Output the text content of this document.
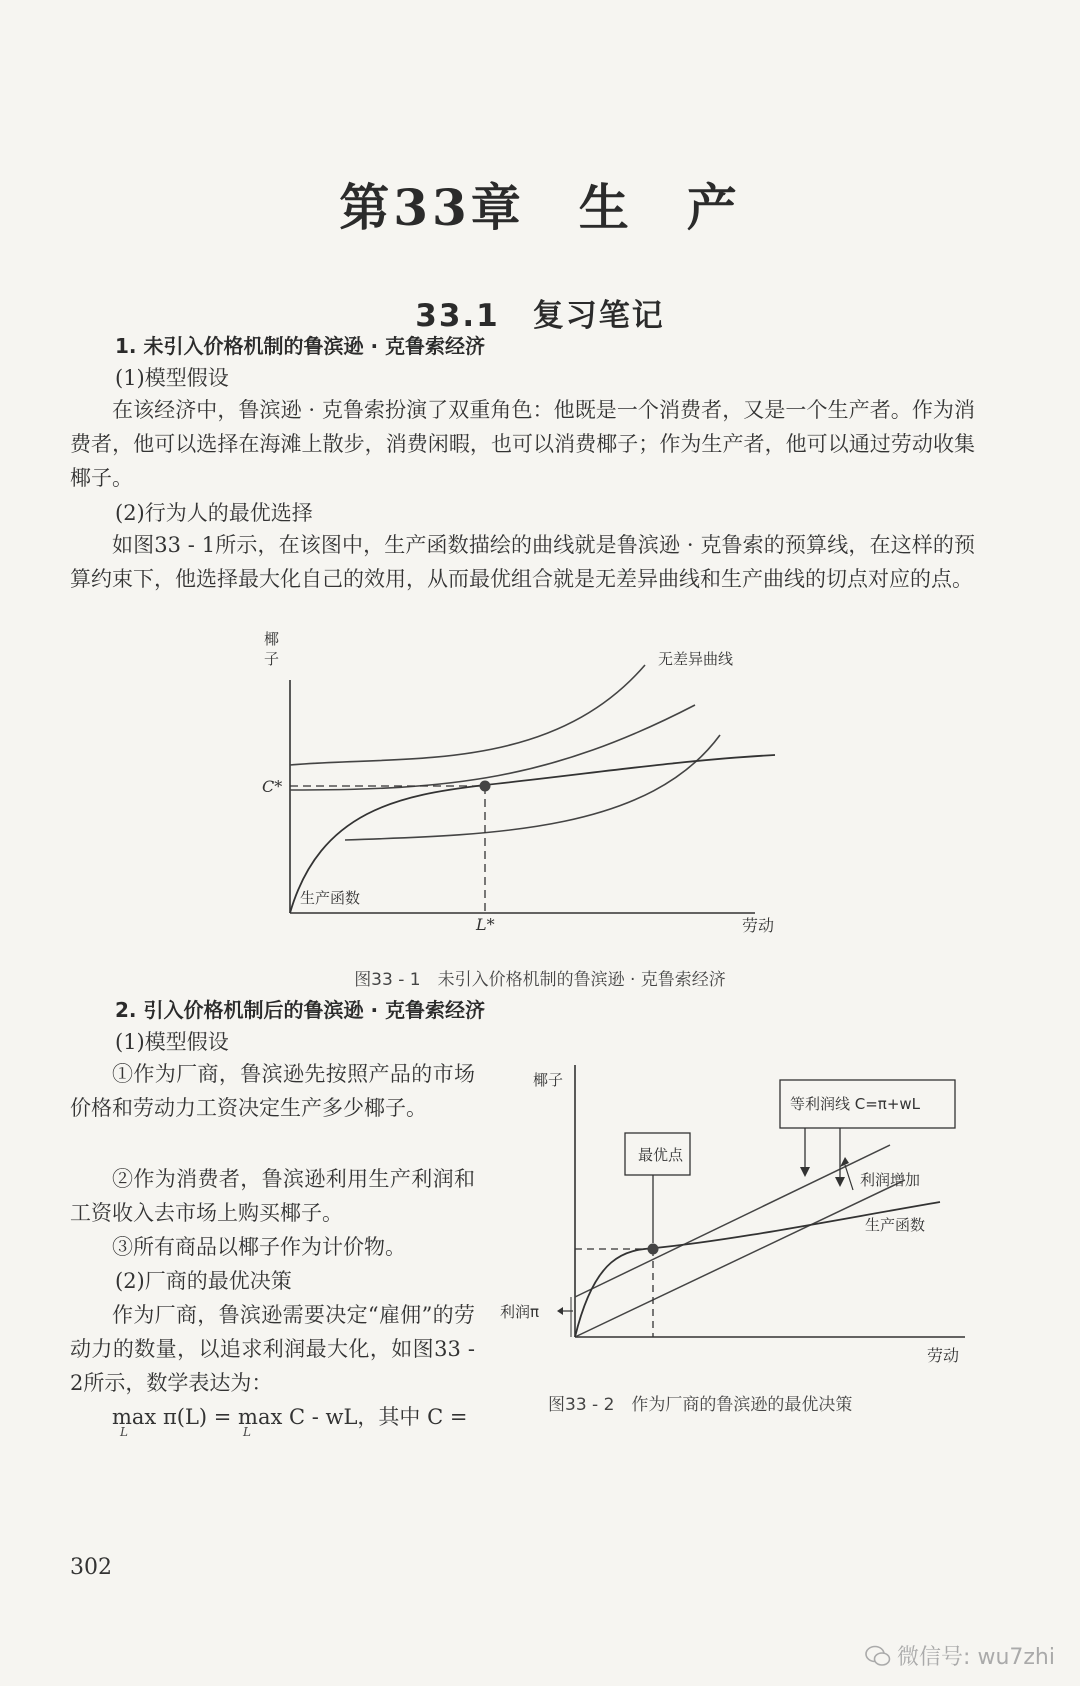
第33章　生　产
33.1　复习笔记
1. 未引入价格机制的鲁滨逊 · 克鲁索经济
(1)模型假设
在该经济中，鲁滨逊 · 克鲁索扮演了双重角色：他既是一个消费者，又是一个生产者。作为消费者，他可以选择在海滩上散步，消费闲暇，也可以消费椰子；作为生产者，他可以通过劳动收集椰子。
(2)行为人的最优选择
如图33 - 1所示，在该图中，生产函数描绘的曲线就是鲁滨逊 · 克鲁索的预算线，在这样的预算约束下，他选择最大化自己的效用，从而最优组合就是无差异曲线和生产曲线的切点对应的点。
椰
子
C*
L*	劳动
无差异曲线
生产函数
图33 - 1　未引入价格机制的鲁滨逊 · 克鲁索经济
2. 引入价格机制后的鲁滨逊 · 克鲁索经济
(1)模型假设
①作为厂商，鲁滨逊先按照产品的市场价格和劳动力工资决定生产多少椰子。
②作为消费者，鲁滨逊利用生产利润和工资收入去市场上购买椰子。
③所有商品以椰子作为计价物。
(2)厂商的最优决策
作为厂商，鲁滨逊需要决定“雇佣”的劳动力的数量，以追求利润最大化，如图33 - 2所示，数学表达为：
max π(L) = max C - wL，其中 C =
L	L
最优点
等利润线 C=π+wL
利润增加
生产函数
利润π
椰子
劳动
图33 - 2　作为厂商的鲁滨逊的最优决策
302
微信号: wu7zhi
